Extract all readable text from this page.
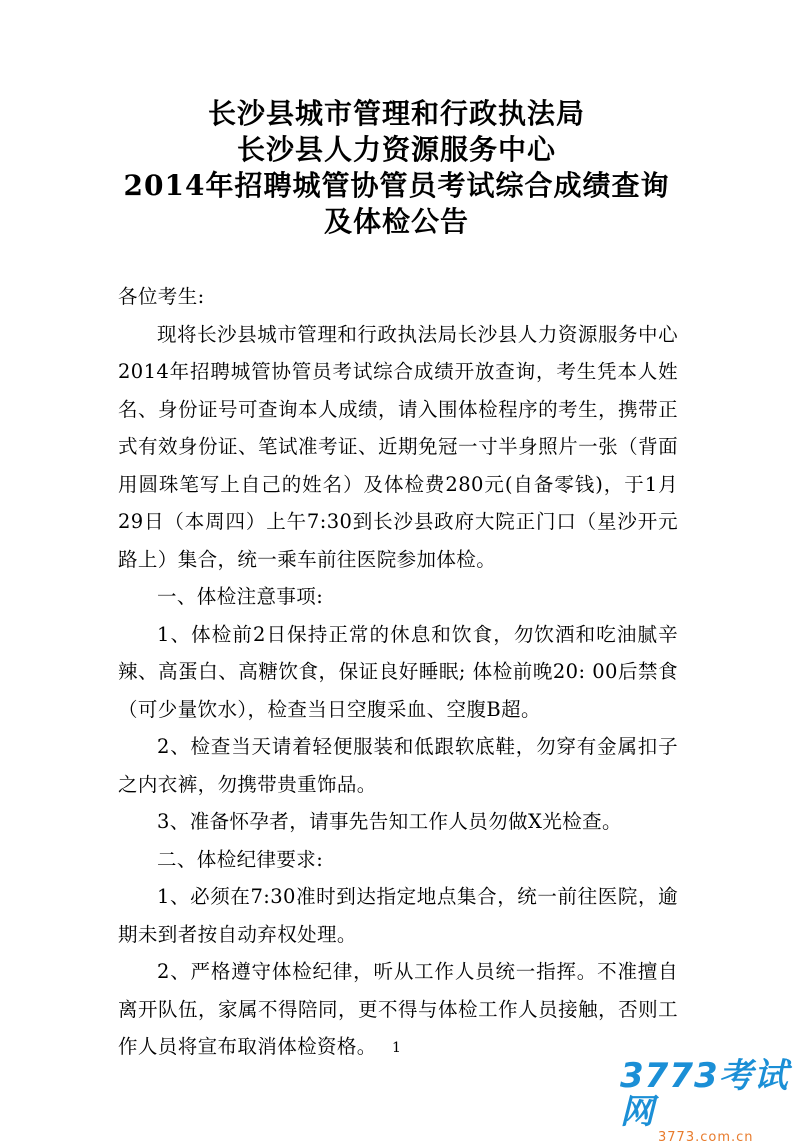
长沙县城市管理和行政执法局
长沙县人力资源服务中心
2014年招聘城管协管员考试综合成绩查询
及体检公告

各位考生:

现将长沙县城市管理和行政执法局长沙县人力资源服务中心2014年招聘城管协管员考试综合成绩开放查询，考生凭本人姓名、身份证号可查询本人成绩，请入围体检程序的考生，携带正式有效身份证、笔试准考证、近期免冠一寸半身照片一张（背面用圆珠笔写上自己的姓名）及体检费280元(自备零钱)，于1月29日（本周四）上午7:30到长沙县政府大院正门口（星沙开元路上）集合，统一乘车前往医院参加体检。

一、体检注意事项:

1、体检前2日保持正常的休息和饮食，勿饮酒和吃油腻辛辣、高蛋白、高糖饮食，保证良好睡眠; 体检前晚20: 00后禁食（可少量饮水），检查当日空腹采血、空腹B超。

2、检查当天请着轻便服装和低跟软底鞋，勿穿有金属扣子之内衣裤，勿携带贵重饰品。

3、准备怀孕者，请事先告知工作人员勿做X光检查。

二、体检纪律要求:

1、必须在7:30准时到达指定地点集合，统一前往医院，逾期未到者按自动弃权处理。

2、严格遵守体检纪律，听从工作人员统一指挥。不准擅自离开队伍，家属不得陪同，更不得与体检工作人员接触，否则工作人员将宣布取消体检资格。	1
3773考试网
3773.com.cn
